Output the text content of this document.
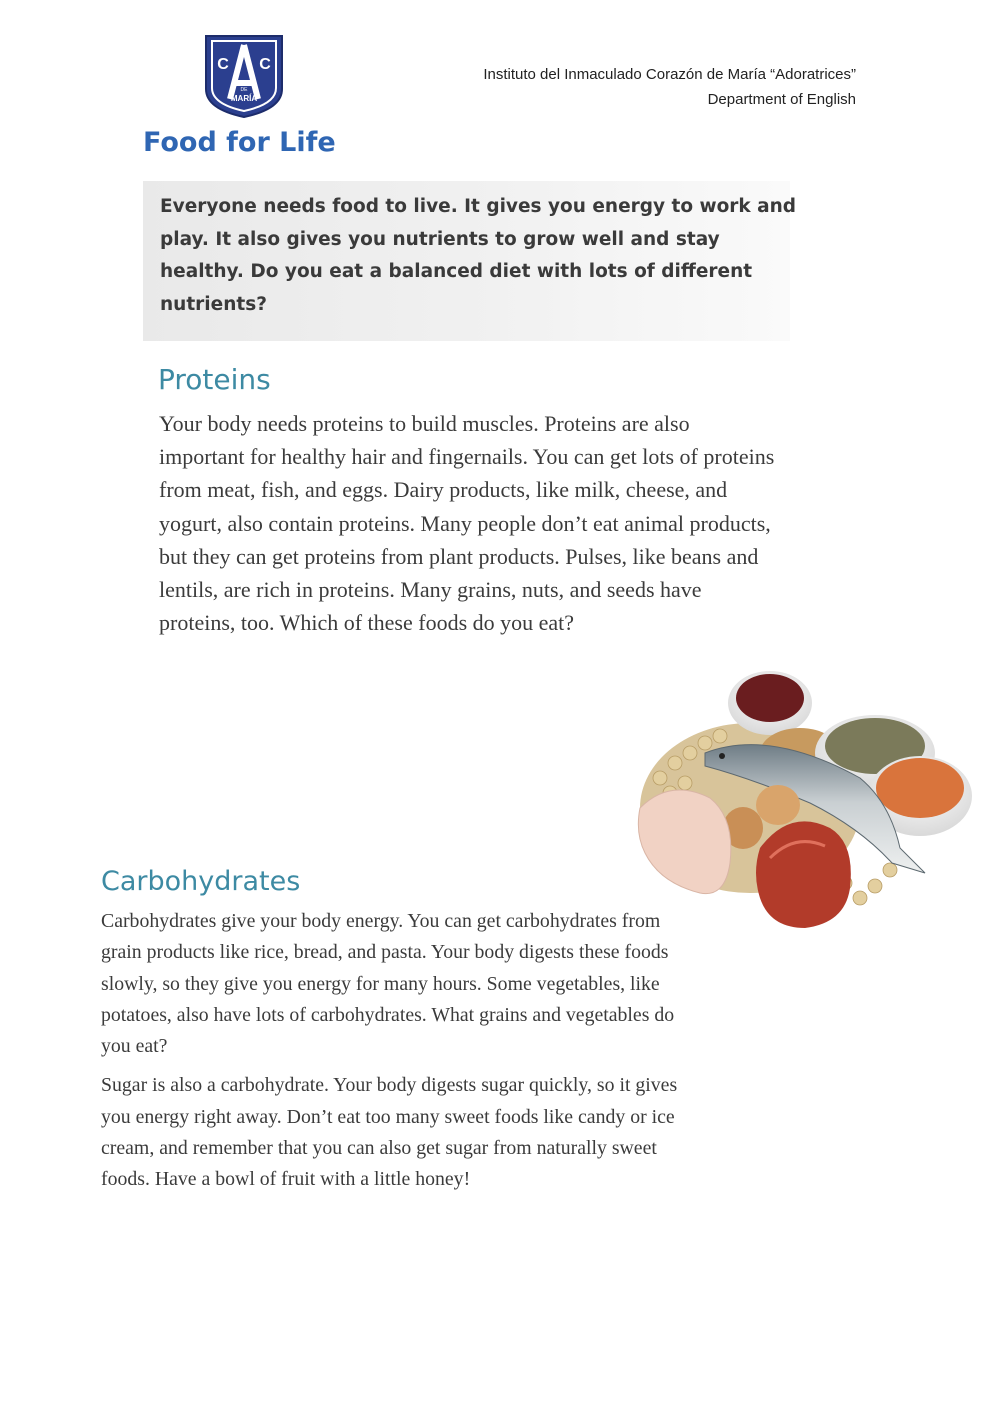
C C
DE
MARÍA
Instituto del Inmaculado Corazón de María “Adoratrices”
Department of English
Food for Life
Everyone needs food to live. It gives you energy to work and play. It also gives you nutrients to grow well and stay healthy. Do you eat a balanced diet with lots of different nutrients?
Proteins
Your body needs proteins to build muscles. Proteins are also important for healthy hair and fingernails. You can get lots of proteins from meat, fish, and eggs. Dairy products, like milk, cheese, and yogurt, also contain proteins. Many people don’t eat animal products, but they can get proteins from plant products. Pulses, like beans and lentils, are rich in proteins. Many grains, nuts, and seeds have proteins, too. Which of these foods do you eat?
Carbohydrates

Carbohydrates give your body energy. You can get carbohydrates from grain products like rice, bread, and pasta. Your body digests these foods slowly, so they give you energy for many hours. Some vegetables, like potatoes, also have lots of carbohydrates. What grains and vegetables do you eat?

Sugar is also a carbohydrate. Your body digests sugar quickly, so it gives you energy right away. Don’t eat too many sweet foods like candy or ice cream, and remember that you can also get sugar from naturally sweet foods. Have a bowl of fruit with a little honey!
